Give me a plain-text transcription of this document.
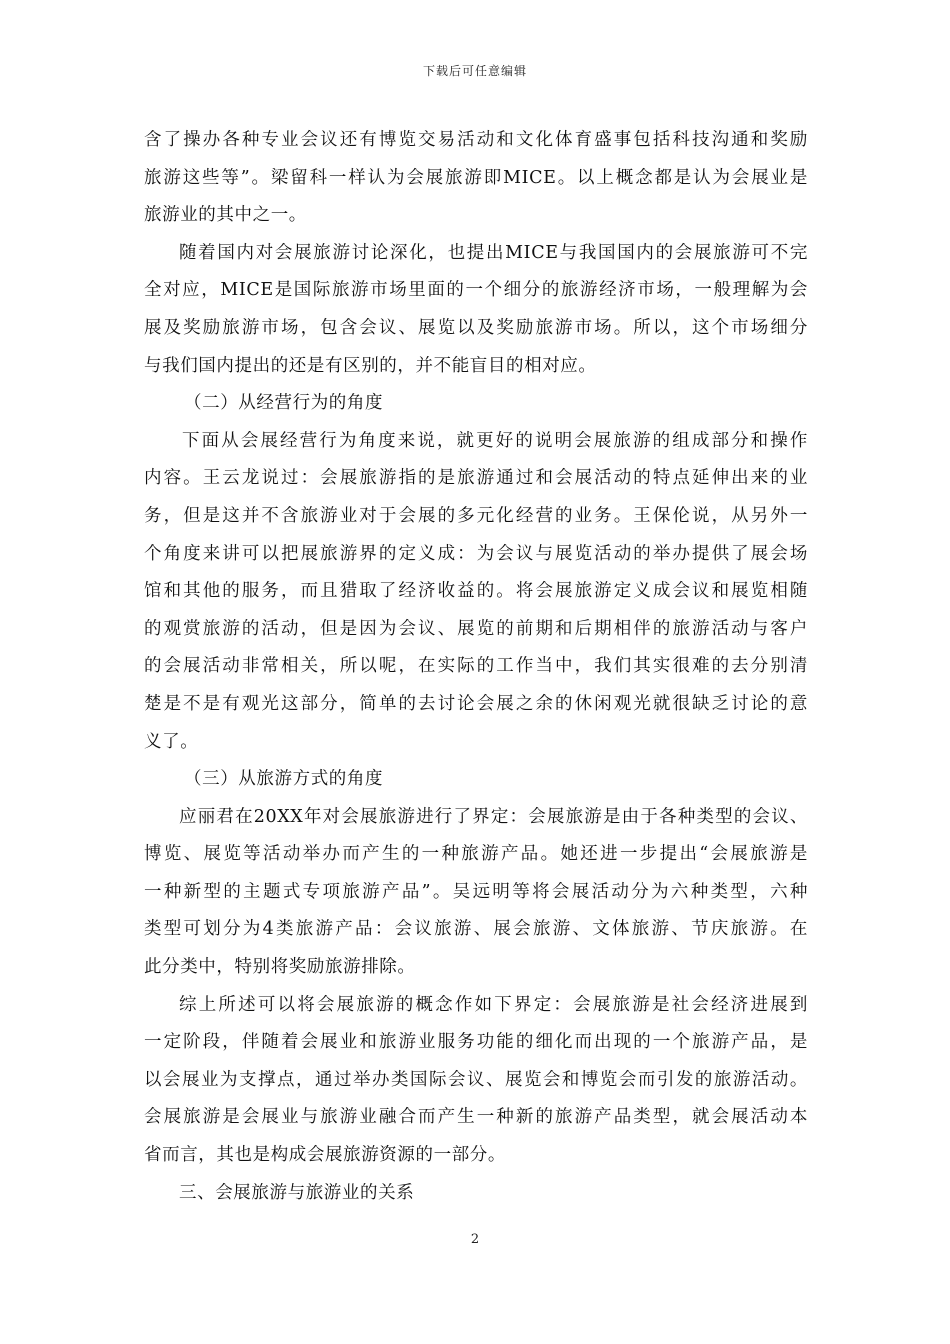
下载后可任意编辑
含了操办各种专业会议还有博览交易活动和文化体育盛事包括科技沟通和奖励
旅游这些等”。梁留科一样认为会展旅游即MICE。以上概念都是认为会展业是
旅游业的其中之一。
随着国内对会展旅游讨论深化，也提出MICE与我国国内的会展旅游可不完
全对应，MICE是国际旅游市场里面的一个细分的旅游经济市场，一般理解为会
展及奖励旅游市场，包含会议、展览以及奖励旅游市场。所以，这个市场细分
与我们国内提出的还是有区别的，并不能盲目的相对应。
（二）从经营行为的角度
下面从会展经营行为角度来说，就更好的说明会展旅游的组成部分和操作
内容。王云龙说过：会展旅游指的是旅游通过和会展活动的特点延伸出来的业
务，但是这并不含旅游业对于会展的多元化经营的业务。王保伦说，从另外一
个角度来讲可以把展旅游界的定义成：为会议与展览活动的举办提供了展会场
馆和其他的服务，而且猎取了经济收益的。将会展旅游定义成会议和展览相随
的观赏旅游的活动，但是因为会议、展览的前期和后期相伴的旅游活动与客户
的会展活动非常相关，所以呢，在实际的工作当中，我们其实很难的去分别清
楚是不是有观光这部分，简单的去讨论会展之余的休闲观光就很缺乏讨论的意
义了。
（三）从旅游方式的角度
应丽君在20XX年对会展旅游进行了界定：会展旅游是由于各种类型的会议、
博览、展览等活动举办而产生的一种旅游产品。她还进一步提出“会展旅游是
一种新型的主题式专项旅游产品”。吴远明等将会展活动分为六种类型，六种
类型可划分为4类旅游产品：会议旅游、展会旅游、文体旅游、节庆旅游。在
此分类中，特别将奖励旅游排除。
综上所述可以将会展旅游的概念作如下界定：会展旅游是社会经济进展到
一定阶段，伴随着会展业和旅游业服务功能的细化而出现的一个旅游产品，是
以会展业为支撑点，通过举办类国际会议、展览会和博览会而引发的旅游活动。
会展旅游是会展业与旅游业融合而产生一种新的旅游产品类型，就会展活动本
省而言，其也是构成会展旅游资源的一部分。
三、会展旅游与旅游业的关系
2
